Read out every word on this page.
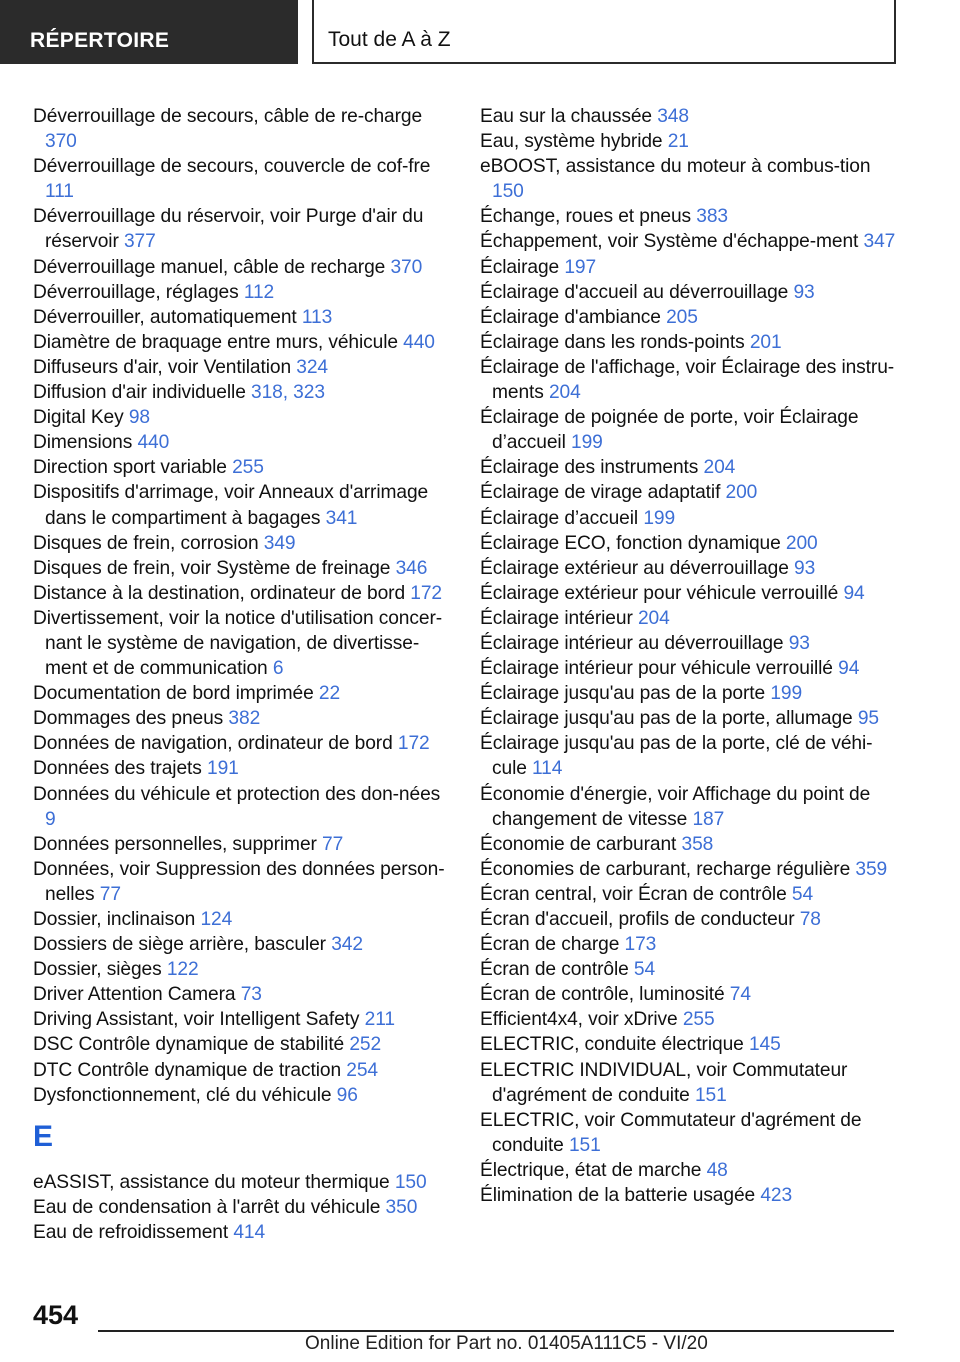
RÉPERTOIRE	Tout de A à Z
Déverrouillage de secours, câble de re-charge 370
Déverrouillage de secours, couvercle de cof-fre 111
Déverrouillage du réservoir, voir Purge d'air du réservoir 377
Déverrouillage manuel, câble de recharge 370
Déverrouillage, réglages 112
Déverrouiller, automatiquement 113
Diamètre de braquage entre murs, véhicule 440
Diffuseurs d'air, voir Ventilation 324
Diffusion d'air individuelle 318, 323
Digital Key 98
Dimensions 440
Direction sport variable 255
Dispositifs d'arrimage, voir Anneaux d'arrimage dans le compartiment à bagages 341
Disques de frein, corrosion 349
Disques de frein, voir Système de freinage 346
Distance à la destination, ordinateur de bord 172
Divertissement, voir la notice d'utilisation concer-nant le système de navigation, de divertisse-ment et de communication 6
Documentation de bord imprimée 22
Dommages des pneus 382
Données de navigation, ordinateur de bord 172
Données des trajets 191
Données du véhicule et protection des don-nées 9
Données personnelles, supprimer 77
Données, voir Suppression des données person-nelles 77
Dossier, inclinaison 124
Dossiers de siège arrière, basculer 342
Dossier, sièges 122
Driver Attention Camera 73
Driving Assistant, voir Intelligent Safety 211
DSC Contrôle dynamique de stabilité 252
DTC Contrôle dynamique de traction 254
Dysfonctionnement, clé du véhicule 96
E
eASSIST, assistance du moteur thermique 150
Eau de condensation à l'arrêt du véhicule 350
Eau de refroidissement 414
Eau sur la chaussée 348
Eau, système hybride 21
eBOOST, assistance du moteur à combus-tion 150
Échange, roues et pneus 383
Échappement, voir Système d'échappe-ment 347
Éclairage 197
Éclairage d'accueil au déverrouillage 93
Éclairage d'ambiance 205
Éclairage dans les ronds-points 201
Éclairage de l'affichage, voir Éclairage des instru-ments 204
Éclairage de poignée de porte, voir Éclairage d’accueil 199
Éclairage des instruments 204
Éclairage de virage adaptatif 200
Éclairage d’accueil 199
Éclairage ECO, fonction dynamique 200
Éclairage extérieur au déverrouillage 93
Éclairage extérieur pour véhicule verrouillé 94
Éclairage intérieur 204
Éclairage intérieur au déverrouillage 93
Éclairage intérieur pour véhicule verrouillé 94
Éclairage jusqu'au pas de la porte 199
Éclairage jusqu'au pas de la porte, allumage 95
Éclairage jusqu'au pas de la porte, clé de véhi-cule 114
Économie d'énergie, voir Affichage du point de changement de vitesse 187
Économie de carburant 358
Économies de carburant, recharge régulière 359
Écran central, voir Écran de contrôle 54
Écran d'accueil, profils de conducteur 78
Écran de charge 173
Écran de contrôle 54
Écran de contrôle, luminosité 74
Efficient4x4, voir xDrive 255
ELECTRIC, conduite électrique 145
ELECTRIC INDIVIDUAL, voir Commutateur d'agrément de conduite 151
ELECTRIC, voir Commutateur d'agrément de conduite 151
Électrique, état de marche 48
Élimination de la batterie usagée 423
454
Online Edition for Part no. 01405A111C5 - VI/20
